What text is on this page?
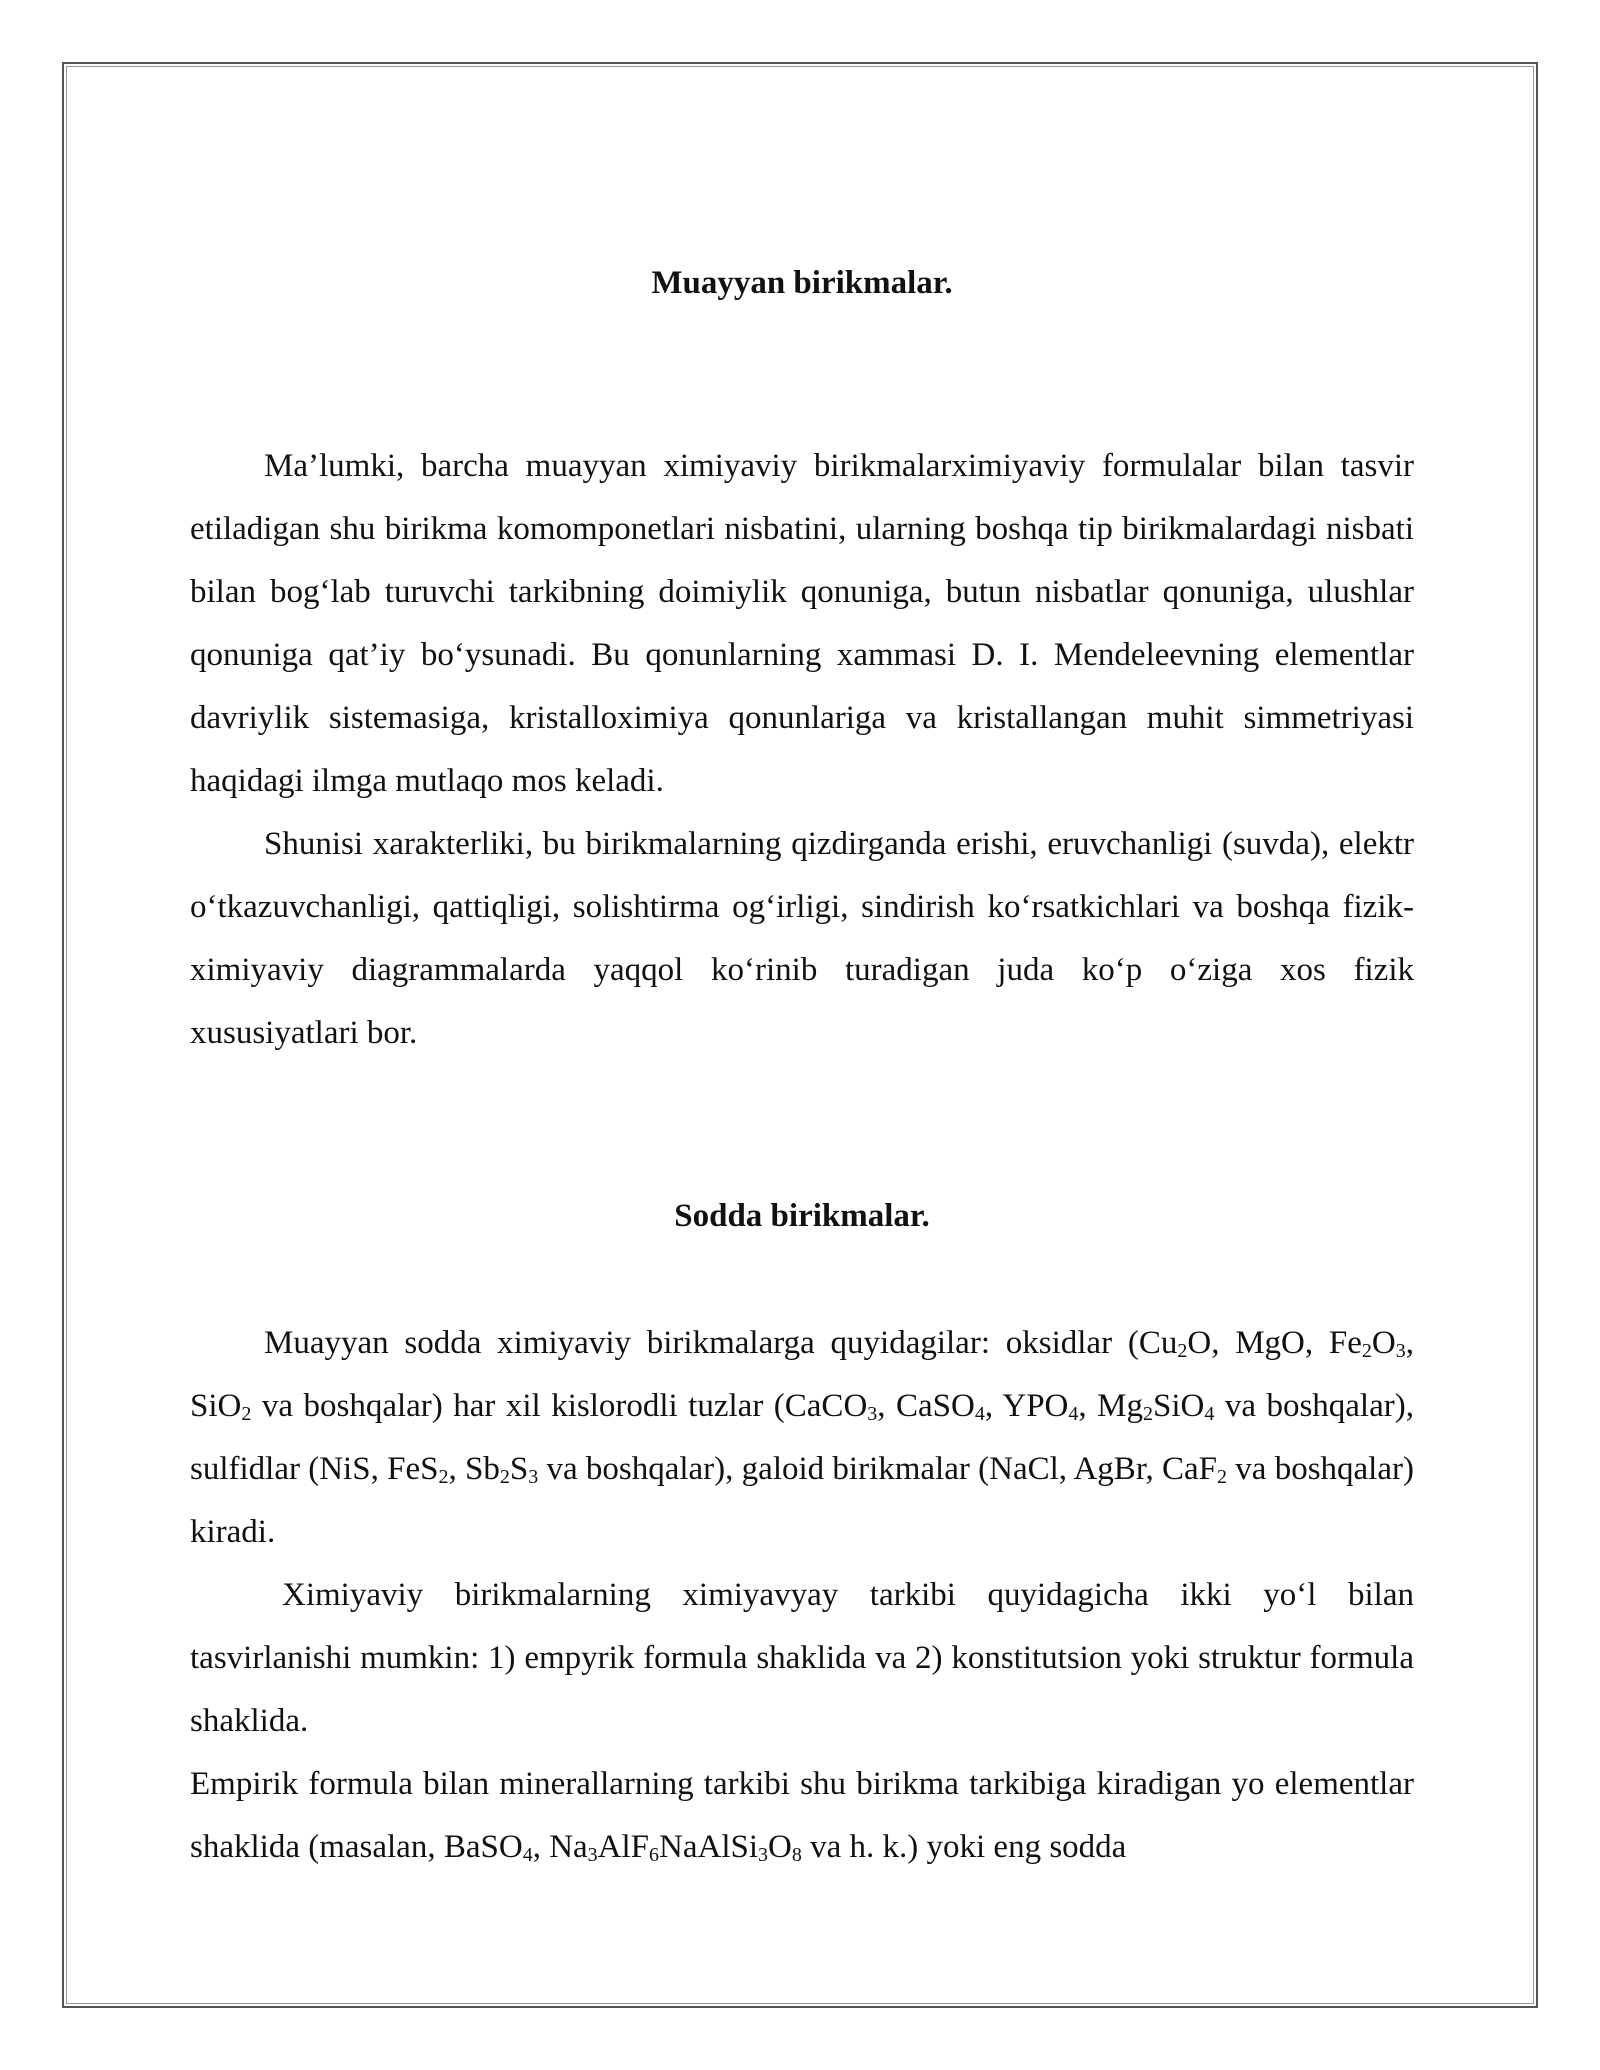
Muayyan birikmalar.

Ma’lumki, barcha muayyan ximiyaviy birikmalarximiyaviy formulalar bilan tasvir etiladigan shu birikma komomponetlari nisbatini, ularning boshqa tip birikmalardagi nisbati bilan bog‘lab turuvchi tarkibning doimiylik qonuniga, butun nisbatlar qonuniga, ulushlar qonuniga qat’iy bo‘ysunadi. Bu qonunlarning xammasi D. I. Mendeleevning elementlar davriylik sistemasiga, kristalloximiya qonunlariga va kristallangan muhit simmetriyasi haqidagi ilmga mutlaqo mos keladi.

Shunisi xarakterliki, bu birikmalarning qizdirganda erishi, eruvchanligi (suvda), elektr o‘tkazuvchanligi, qattiqligi, solishtirma og‘irligi, sindirish ko‘rsatkichlari va boshqa fizik-ximiyaviy diagrammalarda yaqqol ko‘rinib turadigan juda ko‘p o‘ziga xos fizik xususiyatlari bor.

Sodda birikmalar.

Muayyan sodda ximiyaviy birikmalarga quyidagilar: oksidlar ($Cu_2O$, MgO, $Fe_2O_3$, SiO$_2$ va boshqalar) har xil kislorodli tuzlar (CaCO$_3$, CaSO$_4$, $YPO_4$, $Mg_2SiO_4$ va boshqalar), sulfidlar (NiS, FeS$_2$, $Sb_2S_3$ va boshqalar), galoid birikmalar (NaCl, AgBr, CaF$_2$ va boshqalar) kiradi.

Ximiyaviy birikmalarning ximiyavyay tarkibi quyidagicha ikki yo‘l bilan tasvirlanishi mumkin: 1) empyrik formula shaklida va 2) konstitutsion yoki struktur formula shaklida.

Empirik formula bilan minerallarning tarkibi shu birikma tarkibiga kiradigan yo elementlar shaklida (masalan, BaSO$_4$, $Na_3AlF_6NaAlSi_3O_8$ va h. k.) yoki eng sodda
